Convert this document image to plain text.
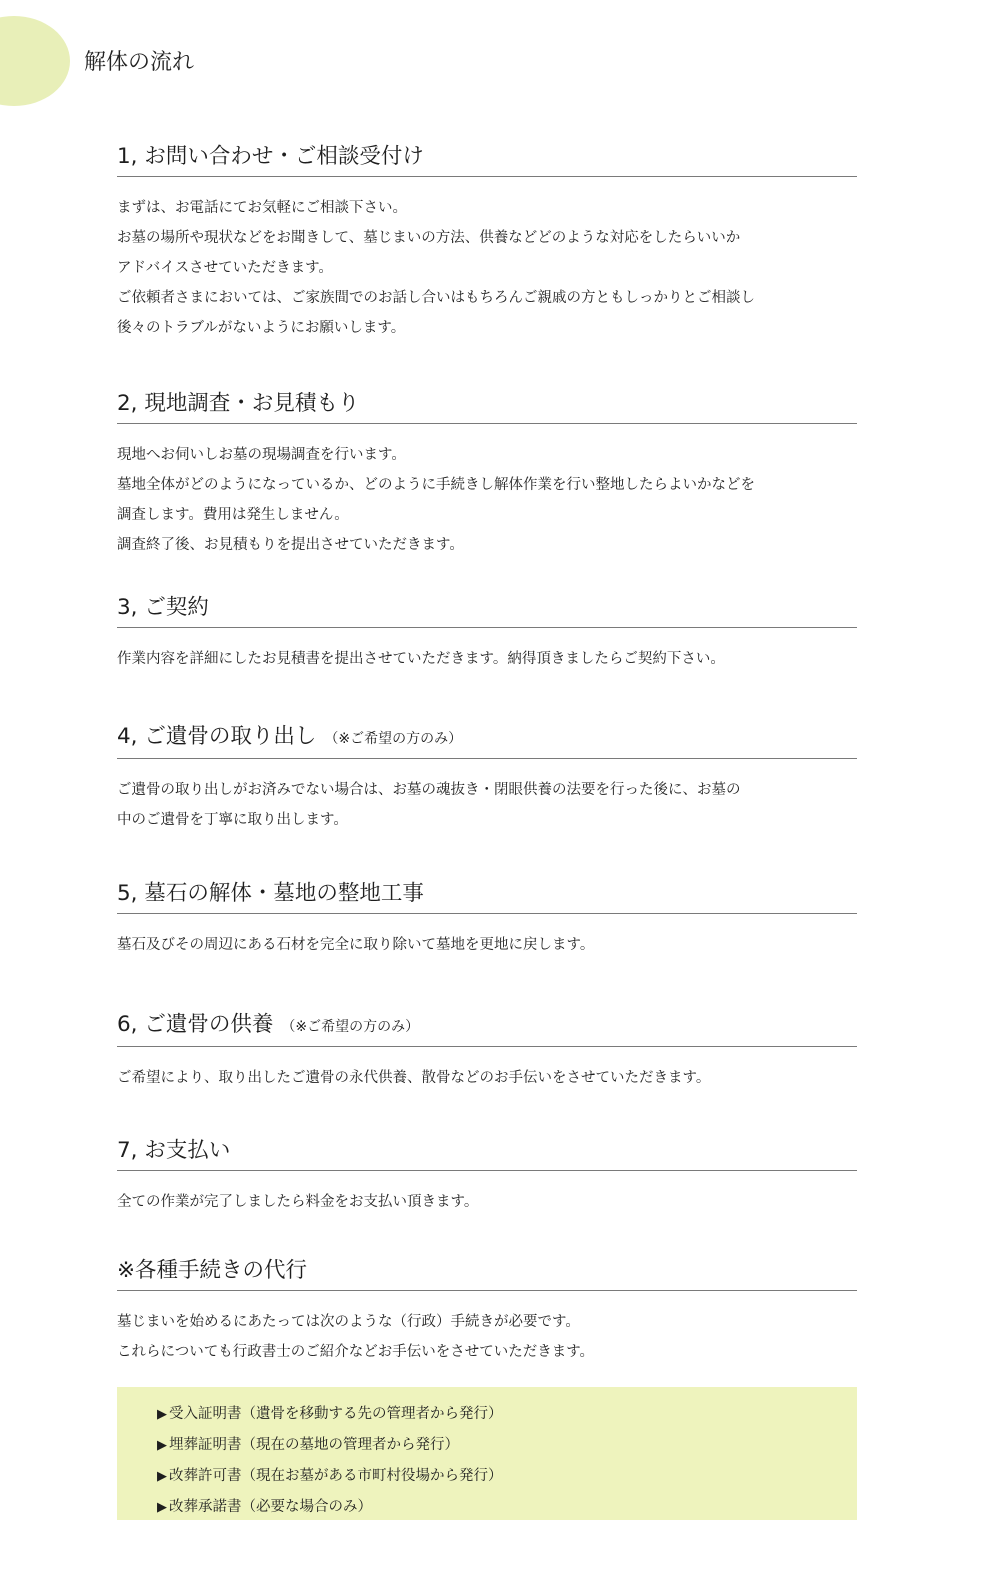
解体の流れ
1, お問い合わせ・ご相談受付け

まずは、お電話にてお気軽にご相談下さい。

お墓の場所や現状などをお聞きして、墓じまいの方法、供養などどのような対応をしたらいいか

アドバイスさせていただきます。

ご依頼者さまにおいては、ご家族間でのお話し合いはもちろんご親戚の方ともしっかりとご相談し

後々のトラブルがないようにお願いします。

2, 現地調査・お見積もり

現地へお伺いしお墓の現場調査を行います。

墓地全体がどのようになっているか、どのように手続きし解体作業を行い整地したらよいかなどを

調査します。費用は発生しません。

調査終了後、お見積もりを提出させていただきます。

3, ご契約

作業内容を詳細にしたお見積書を提出させていただきます。納得頂きましたらご契約下さい。

4, ご遺骨の取り出し （※ご希望の方のみ）

ご遺骨の取り出しがお済みでない場合は、お墓の魂抜き・閉眼供養の法要を行った後に、お墓の

中のご遺骨を丁寧に取り出します。

5, 墓石の解体・墓地の整地工事

墓石及びその周辺にある石材を完全に取り除いて墓地を更地に戻します。

6, ご遺骨の供養 （※ご希望の方のみ）

ご希望により、取り出したご遺骨の永代供養、散骨などのお手伝いをさせていただきます。

7, お支払い

全ての作業が完了しましたら料金をお支払い頂きます。

※各種手続きの代行

墓じまいを始めるにあたっては次のような（行政）手続きが必要です。

これらについても行政書士のご紹介などお手伝いをさせていただきます。

▶ 受入証明書（遺骨を移動する先の管理者から発行）
▶ 埋葬証明書（現在の墓地の管理者から発行）
▶ 改葬許可書（現在お墓がある市町村役場から発行）
▶ 改葬承諾書（必要な場合のみ）
